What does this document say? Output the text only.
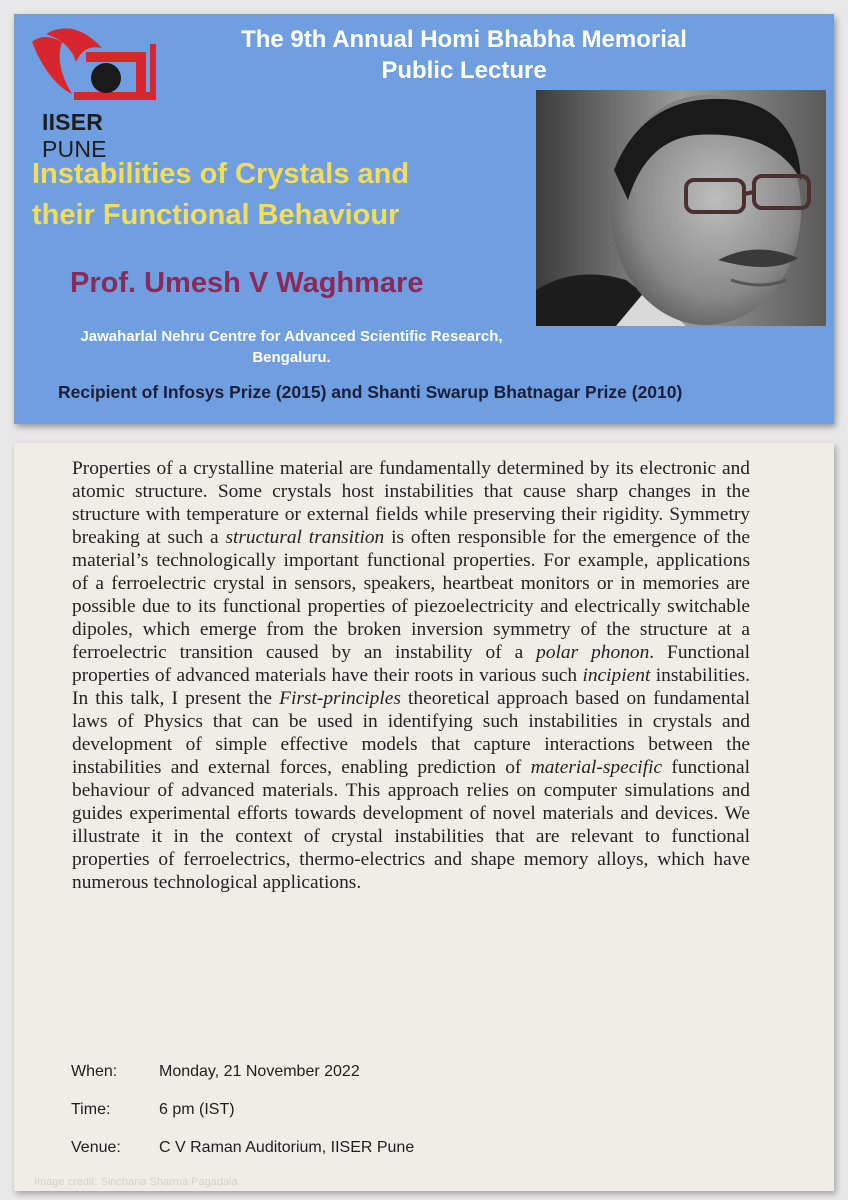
IISER PUNE
The 9th Annual Homi Bhabha Memorial
Public Lecture
Instabilities of Crystals and
their Functional Behaviour
Prof. Umesh V Waghmare
Jawaharlal Nehru Centre for Advanced Scientific Research,
Bengaluru.
Recipient of Infosys Prize (2015) and Shanti Swarup Bhatnagar Prize (2010)

Properties of a crystalline material are fundamentally determined by its electronic and atomic structure. Some crystals host instabilities that cause sharp changes in the structure with temperature or external fields while preserving their rigidity. Symmetry breaking at such a structural transition is often responsible for the emergence of the material’s technologically important functional properties. For example, applications of a ferroelectric crystal in sensors, speakers, heartbeat monitors or in memories are possible due to its functional properties of piezoelectricity and electrically switchable dipoles, which emerge from the broken inversion symmetry of the structure at a ferroelectric transition caused by an instability of a polar phonon. Functional properties of advanced materials have their roots in various such incipient instabilities. In this talk, I present the First-principles theoretical approach based on fundamental laws of Physics that can be used in identifying such instabilities in crystals and development of simple effective models that capture interactions between the instabilities and external forces, enabling prediction of material-specific functional behaviour of advanced materials. This approach relies on computer simulations and guides experimental efforts towards development of novel materials and devices. We illustrate it in the context of crystal instabilities that are relevant to functional properties of ferroelectrics, thermo-electrics and shape memory alloys, which have numerous technological applications.

When:	Monday, 21 November 2022
Time:	6 pm (IST)
Venue: C V Raman Auditorium, IISER Pune
Image credit: Sinchana Sharma Pagadala
